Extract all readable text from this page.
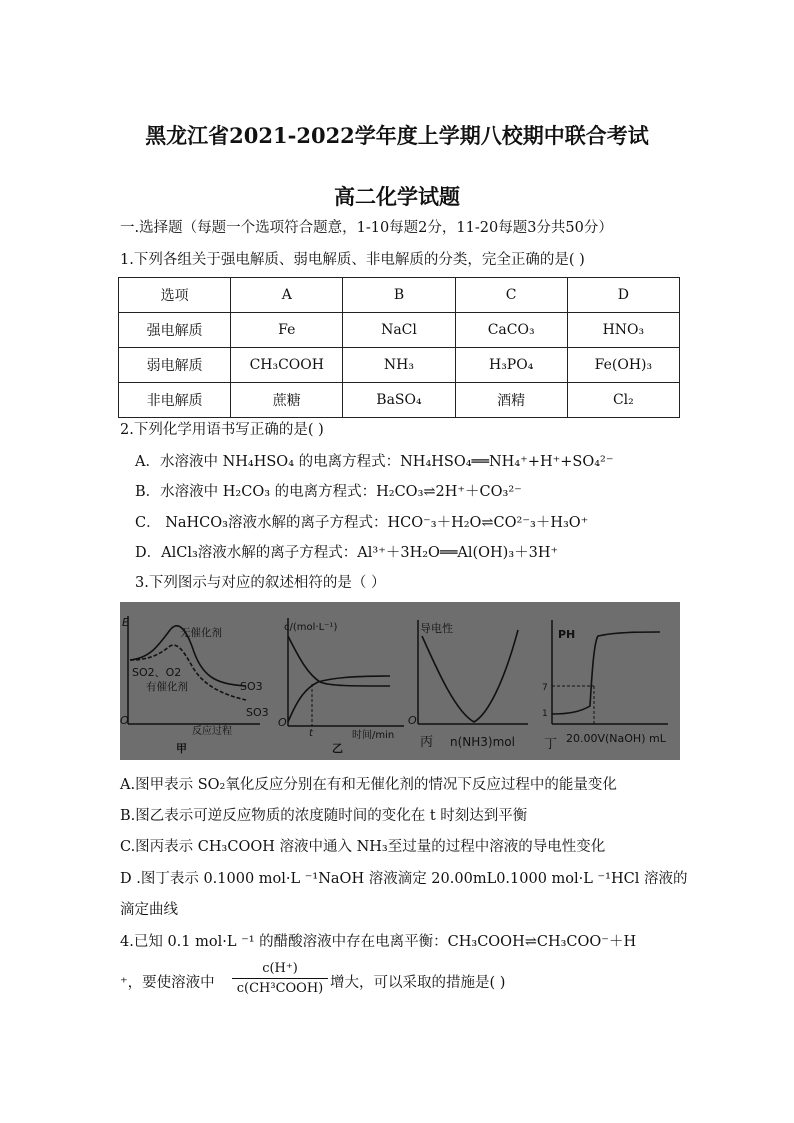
黑龙江省2021-2022学年度上学期八校期中联合考试
高二化学试题
一.选择题（每题一个选项符合题意，1-10每题2分，11-20每题3分共50分）
1.下列各组关于强电解质、弱电解质、非电解质的分类，完全正确的是( )
选项	A	B	C	D
强电解质	Fe	NaCl	CaCO₃	HNO₃
弱电解质	CH₃COOH	NH₃	H₃PO₄	Fe(OH)₃
非电解质	蔗糖	BaSO₄	酒精	Cl₂
2.下列化学用语书写正确的是( )
A．水溶液中 NH₄HSO₄ 的电离方程式：NH₄HSO₄══NH₄⁺+H⁺+SO₄²⁻
B．水溶液中 H₂CO₃ 的电离方程式：H₂CO₃⇌2H⁺＋CO₃²⁻
C． NaHCO₃溶液水解的离子方程式：HCO⁻₃＋H₂O⇌CO²⁻₃＋H₃O⁺
D．AlCl₃溶液水解的离子方程式：Al³⁺＋3H₂O══Al(OH)₃＋3H⁺
3.下列图示与对应的叙述相符的是（ ）
E
O
无催化剂
有催化剂
SO2、O2
SO3
SO3
反应过程
甲
c/(mol·L⁻¹)
O
t	时间/min
乙
导电性
O
丙 n(NH3)mol
PH
7
1
丁 20.00V(NaOH) mL
A.图甲表示 SO₂氧化反应分别在有和无催化剂的情况下反应过程中的能量变化
B.图乙表示可逆反应物质的浓度随时间的变化在 t 时刻达到平衡
C.图丙表示 CH₃COOH 溶液中通入 NH₃至过量的过程中溶液的导电性变化
D .图丁表示 0.1000 mol·L ⁻¹NaOH 溶液滴定 20.00mL0.1000 mol·L ⁻¹HCl 溶液的
滴定曲线
4.已知 0.1 mol·L ⁻¹ 的醋酸溶液中存在电离平衡：CH₃COOH⇌CH₃COO⁻＋H
⁺，要使溶液中
c(H⁺)
c(CH³COOH) 增大，可以采取的措施是( )
